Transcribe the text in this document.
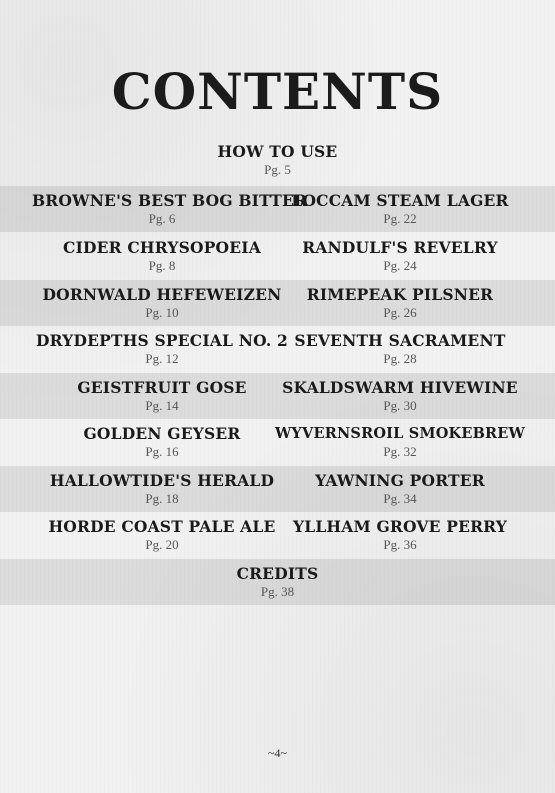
CONTENTS
HOW TO USE
Pg. 5
BROWNE'S BEST BOG BITTER
Pg. 6
CIDER CHRYSOPOEIA
Pg. 8
DORNWALD HEFEWEIZEN
Pg. 10
DRYDEPTHS SPECIAL NO. 2
Pg. 12
GEISTFRUIT GOSE
Pg. 14
GOLDEN GEYSER
Pg. 16
HALLOWTIDE'S HERALD
Pg. 18
HORDE COAST PALE ALE
Pg. 20
LOCCAM STEAM LAGER
Pg. 22
RANDULF'S REVELRY
Pg. 24
RIMEPEAK PILSNER
Pg. 26
SEVENTH SACRAMENT
Pg. 28
SKALDSWARM HIVEWINE
Pg. 30
WYVERNSROIL SMOKEBREW
Pg. 32
YAWNING PORTER
Pg. 34
YLLHAM GROVE PERRY
Pg. 36
CREDITS
Pg. 38
~4~
